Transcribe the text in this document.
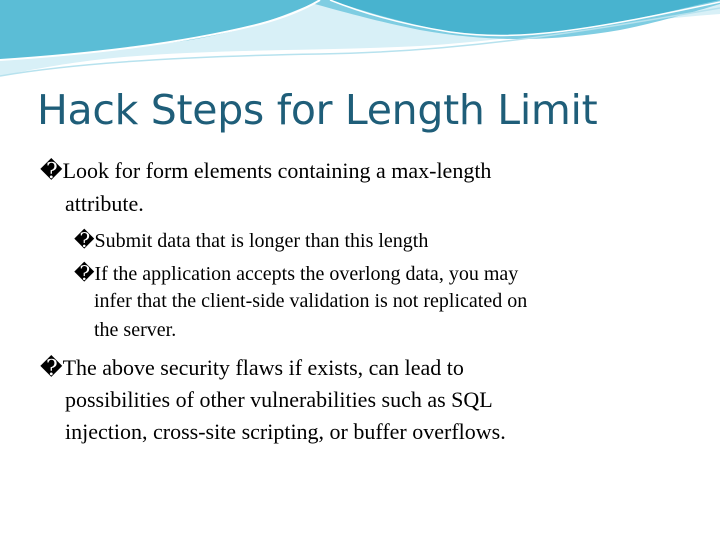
Hack Steps for Length Limit
�Look for form elements containing a max-length
attribute.
�Submit data that is longer than this length
�If the application accepts the overlong data, you may
infer that the client-side validation is not replicated on
the server.
�The above security flaws if exists, can lead to
possibilities of other vulnerabilities such as SQL
injection, cross-site scripting, or buffer overflows.
